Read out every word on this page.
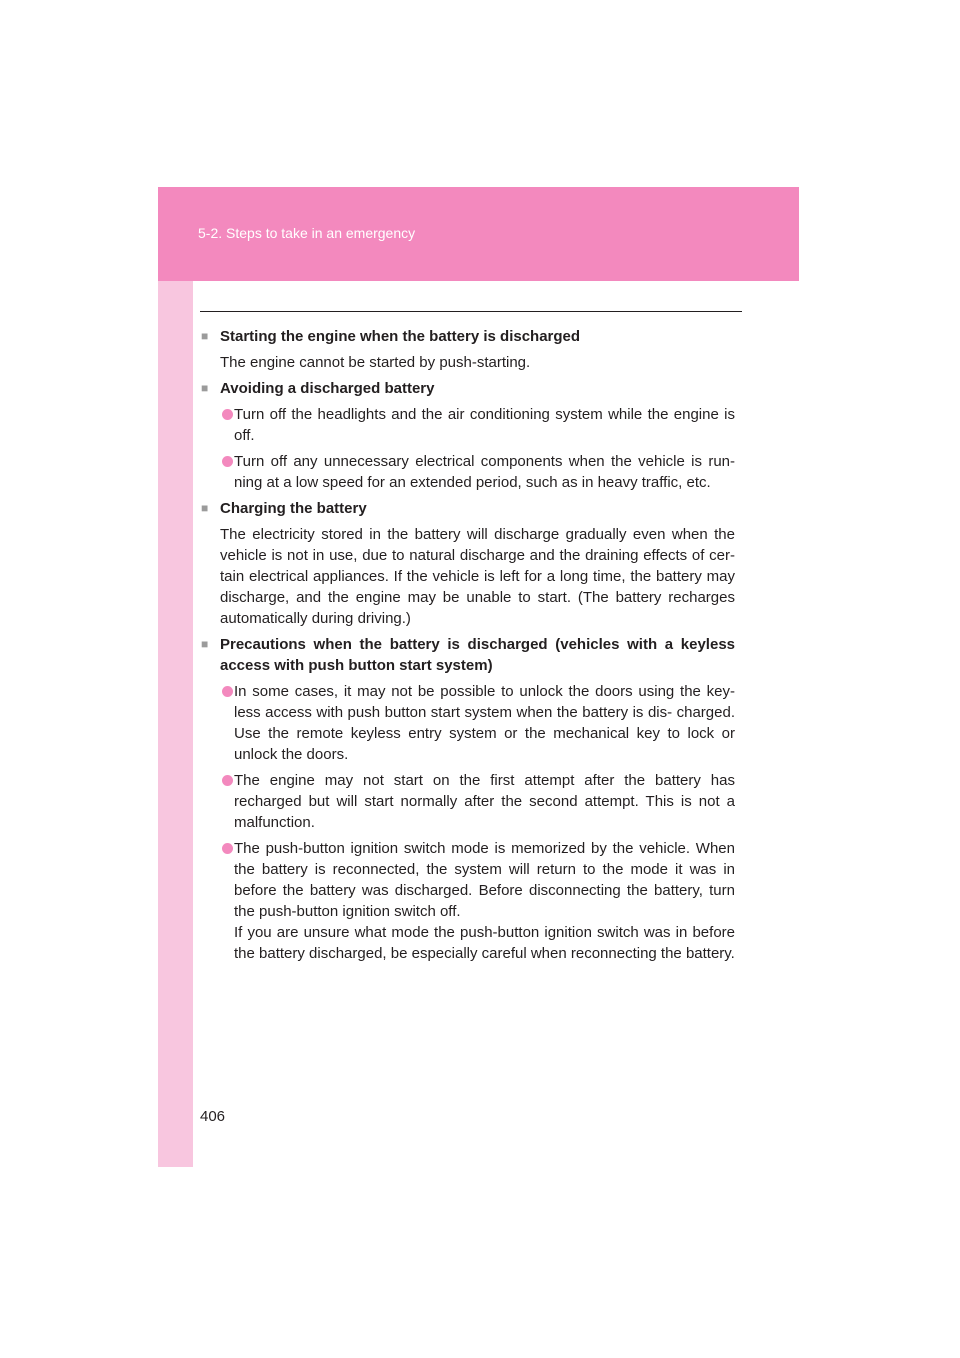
5-2. Steps to take in an emergency
■ Starting the engine when the battery is discharged
The engine cannot be started by push-starting.
■ Avoiding a discharged battery
Turn off the headlights and the air conditioning system while the engine is off.
Turn off any unnecessary electrical components when the vehicle is run- ning at a low speed for an extended period, such as in heavy traffic, etc.
■ Charging the battery
The electricity stored in the battery will discharge gradually even when the vehicle is not in use, due to natural discharge and the draining effects of cer- tain electrical appliances. If the vehicle is left for a long time, the battery may discharge, and the engine may be unable to start. (The battery recharges automatically during driving.)
■ Precautions when the battery is discharged (vehicles with a keyless access with push button start system)
In some cases, it may not be possible to unlock the doors using the key- less access with push button start system when the battery is dis- charged. Use the remote keyless entry system or the mechanical key to lock or unlock the doors.
The engine may not start on the first attempt after the battery has recharged but will start normally after the second attempt. This is not a malfunction.
The push-button ignition switch mode is memorized by the vehicle. When the battery is reconnected, the system will return to the mode it was in before the battery was discharged. Before disconnecting the battery, turn the push-button ignition switch off.
If you are unsure what mode the push-button ignition switch was in before the battery discharged, be especially careful when reconnecting the battery.
406
